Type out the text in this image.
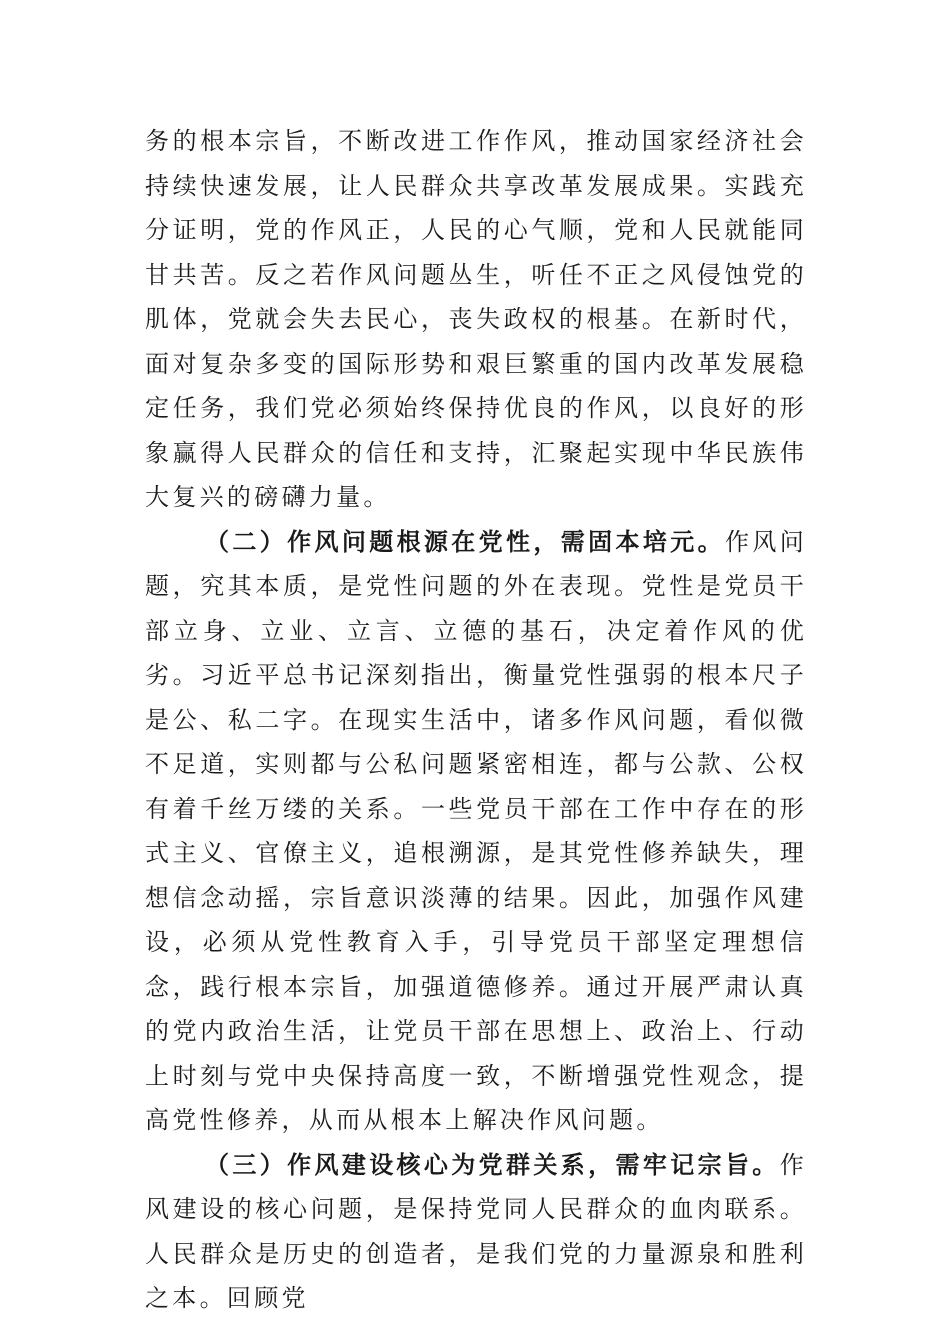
务的根本宗旨，不断改进工作作风，推动国家经济社会持续快速发展，让人民群众共享改革发展成果。实践充分证明，党的作风正，人民的心气顺，党和人民就能同甘共苦。反之若作风问题丛生，听任不正之风侵蚀党的肌体，党就会失去民心，丧失政权的根基。在新时代，面对复杂多变的国际形势和艰巨繁重的国内改革发展稳定任务，我们党必须始终保持优良的作风，以良好的形象赢得人民群众的信任和支持，汇聚起实现中华民族伟大复兴的磅礴力量。

（二）作风问题根源在党性，需固本培元。作风问题，究其本质，是党性问题的外在表现。党性是党员干部立身、立业、立言、立德的基石，决定着作风的优劣。习近平总书记深刻指出，衡量党性强弱的根本尺子是公、私二字。在现实生活中，诸多作风问题，看似微不足道，实则都与公私问题紧密相连，都与公款、公权有着千丝万缕的关系。一些党员干部在工作中存在的形式主义、官僚主义，追根溯源，是其党性修养缺失，理想信念动摇，宗旨意识淡薄的结果。因此，加强作风建设，必须从党性教育入手，引导党员干部坚定理想信念，践行根本宗旨，加强道德修养。通过开展严肃认真的党内政治生活，让党员干部在思想上、政治上、行动上时刻与党中央保持高度一致，不断增强党性观念，提高党性修养，从而从根本上解决作风问题。

（三）作风建设核心为党群关系，需牢记宗旨。作风建设的核心问题，是保持党同人民群众的血肉联系。人民群众是历史的创造者，是我们党的力量源泉和胜利之本。回顾党
